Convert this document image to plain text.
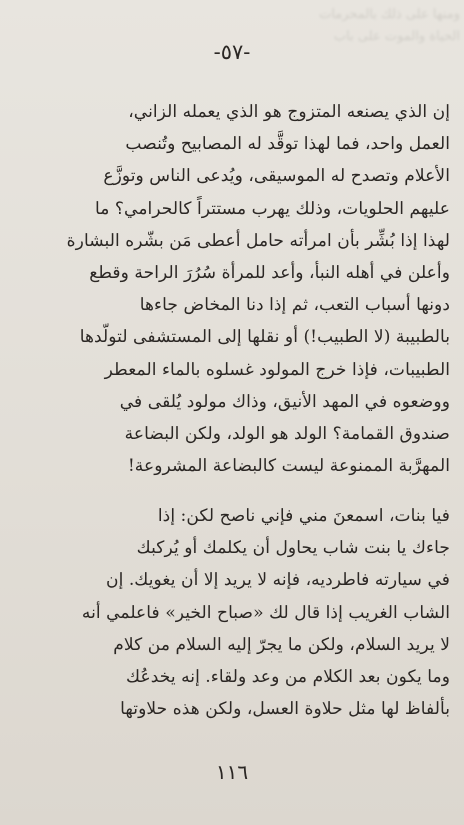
ومنها على ذلك بالمحرمات
الحياة والموت على باب
-٥٧-
إن الذي يصنعه المتزوج هو الذي يعمله الزاني،
العمل واحد، فما لهذا توقَّد له المصابيح وتُنصب
الأعلام وتصدح له الموسيقى، ويُدعى الناس وتوزَّع
عليهم الحلويات، وذلك يهرب مستتراً كالحرامي؟ ما
لهذا إذا بُشِّر بأن امرأته حامل أعطى مَن بشّره البشارة
وأعلن في أهله النبأ، وأعد للمرأة سُرُرَ الراحة وقطع
دونها أسباب التعب، ثم إذا دنا المخاض جاءها
بالطبيبة (لا الطبيب!) أو نقلها إلى المستشفى لتولّدها
الطبيبات، فإذا خرج المولود غسلوه بالماء المعطر
ووضعوه في المهد الأنيق، وذاك مولود يُلقى في
صندوق القمامة؟ الولد هو الولد، ولكن البضاعة
المهرَّبة الممنوعة ليست كالبضاعة المشروعة!
فيا بنات، اسمعنَ مني فإني ناصح لكن: إذا
جاءك يا بنت شاب يحاول أن يكلمك أو يُركبك
في سيارته فاطرديه، فإنه لا يريد إلا أن يغويك. إن
الشاب الغريب إذا قال لك «صباح الخير» فاعلمي أنه
لا يريد السلام، ولكن ما يجرّ إليه السلام من كلام
وما يكون بعد الكلام من وعد ولقاء. إنه يخدعُك
بألفاظ لها مثل حلاوة العسل، ولكن هذه حلاوتها
١١٦
